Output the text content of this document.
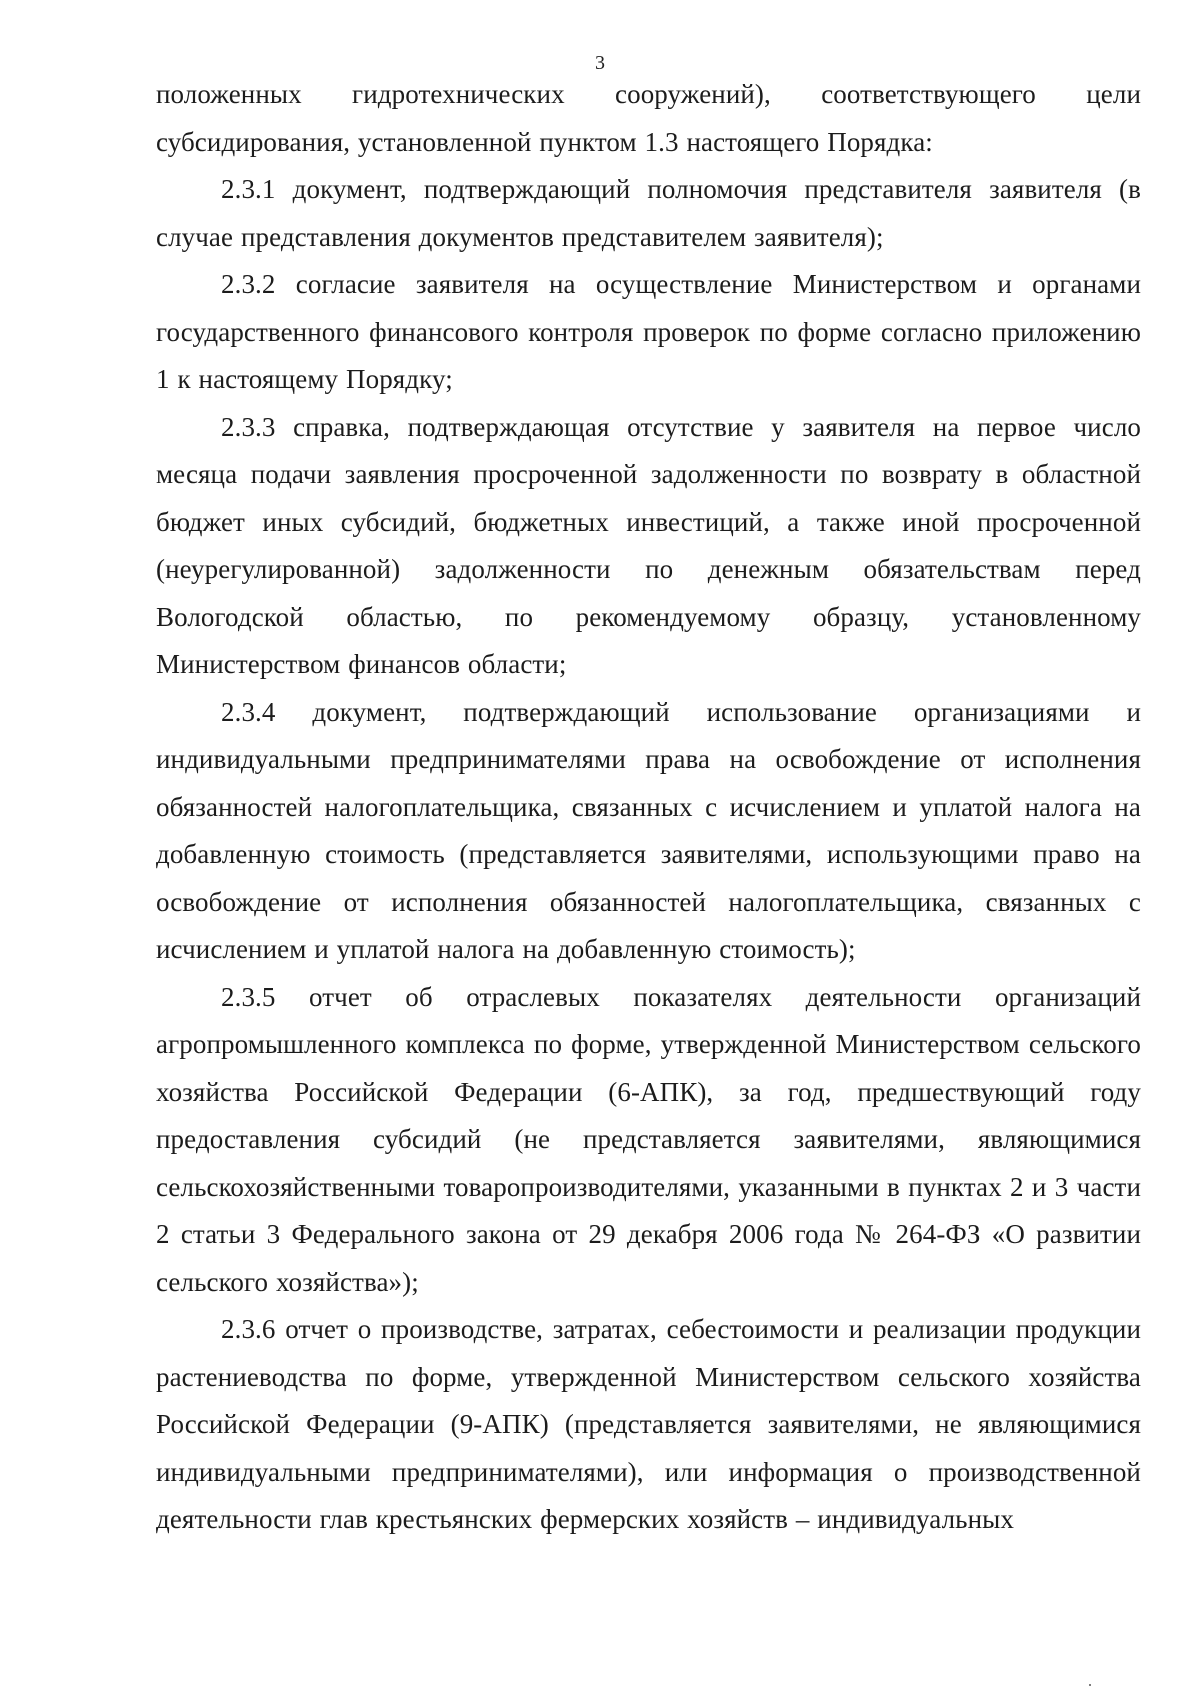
3

положенных гидротехнических сооружений), соответствующего цели субсидирования, установленной пунктом 1.3 настоящего Порядка:

2.3.1 документ, подтверждающий полномочия представителя заявителя (в случае представления документов представителем заявителя);

2.3.2 согласие заявителя на осуществление Министерством и органами государственного финансового контроля проверок по форме согласно приложению 1 к настоящему Порядку;

2.3.3 справка, подтверждающая отсутствие у заявителя на первое число месяца подачи заявления просроченной задолженности по возврату в областной бюджет иных субсидий, бюджетных инвестиций, а также иной просроченной (неурегулированной) задолженности по денежным обязательствам перед Вологодской областью, по рекомендуемому образцу, установленному Министерством финансов области;

2.3.4 документ, подтверждающий использование организациями и индивидуальными предпринимателями права на освобождение от исполнения обязанностей налогоплательщика, связанных с исчислением и уплатой налога на добавленную стоимость (представляется заявителями, использующими право на освобождение от исполнения обязанностей налогоплательщика, связанных с исчислением и уплатой налога на добавленную стоимость);

2.3.5 отчет об отраслевых показателях деятельности организаций агропромышленного комплекса по форме, утвержденной Министерством сельского хозяйства Российской Федерации (6-АПК), за год, предшествующий году предоставления субсидий (не представляется заявителями, являющимися сельскохозяйственными товаропроизводителями, указанными в пунктах 2 и 3 части 2 статьи 3 Федерального закона от 29 декабря 2006 года № 264-ФЗ «О развитии сельского хозяйства»);

2.3.6 отчет о производстве, затратах, себестоимости и реализации продукции растениеводства по форме, утвержденной Министерством сельского хозяйства Российской Федерации (9-АПК) (представляется заявителями, не являющимися индивидуальными предпринимателями), или информация о производственной деятельности глав крестьянских фермерских хозяйств – индивидуальных
